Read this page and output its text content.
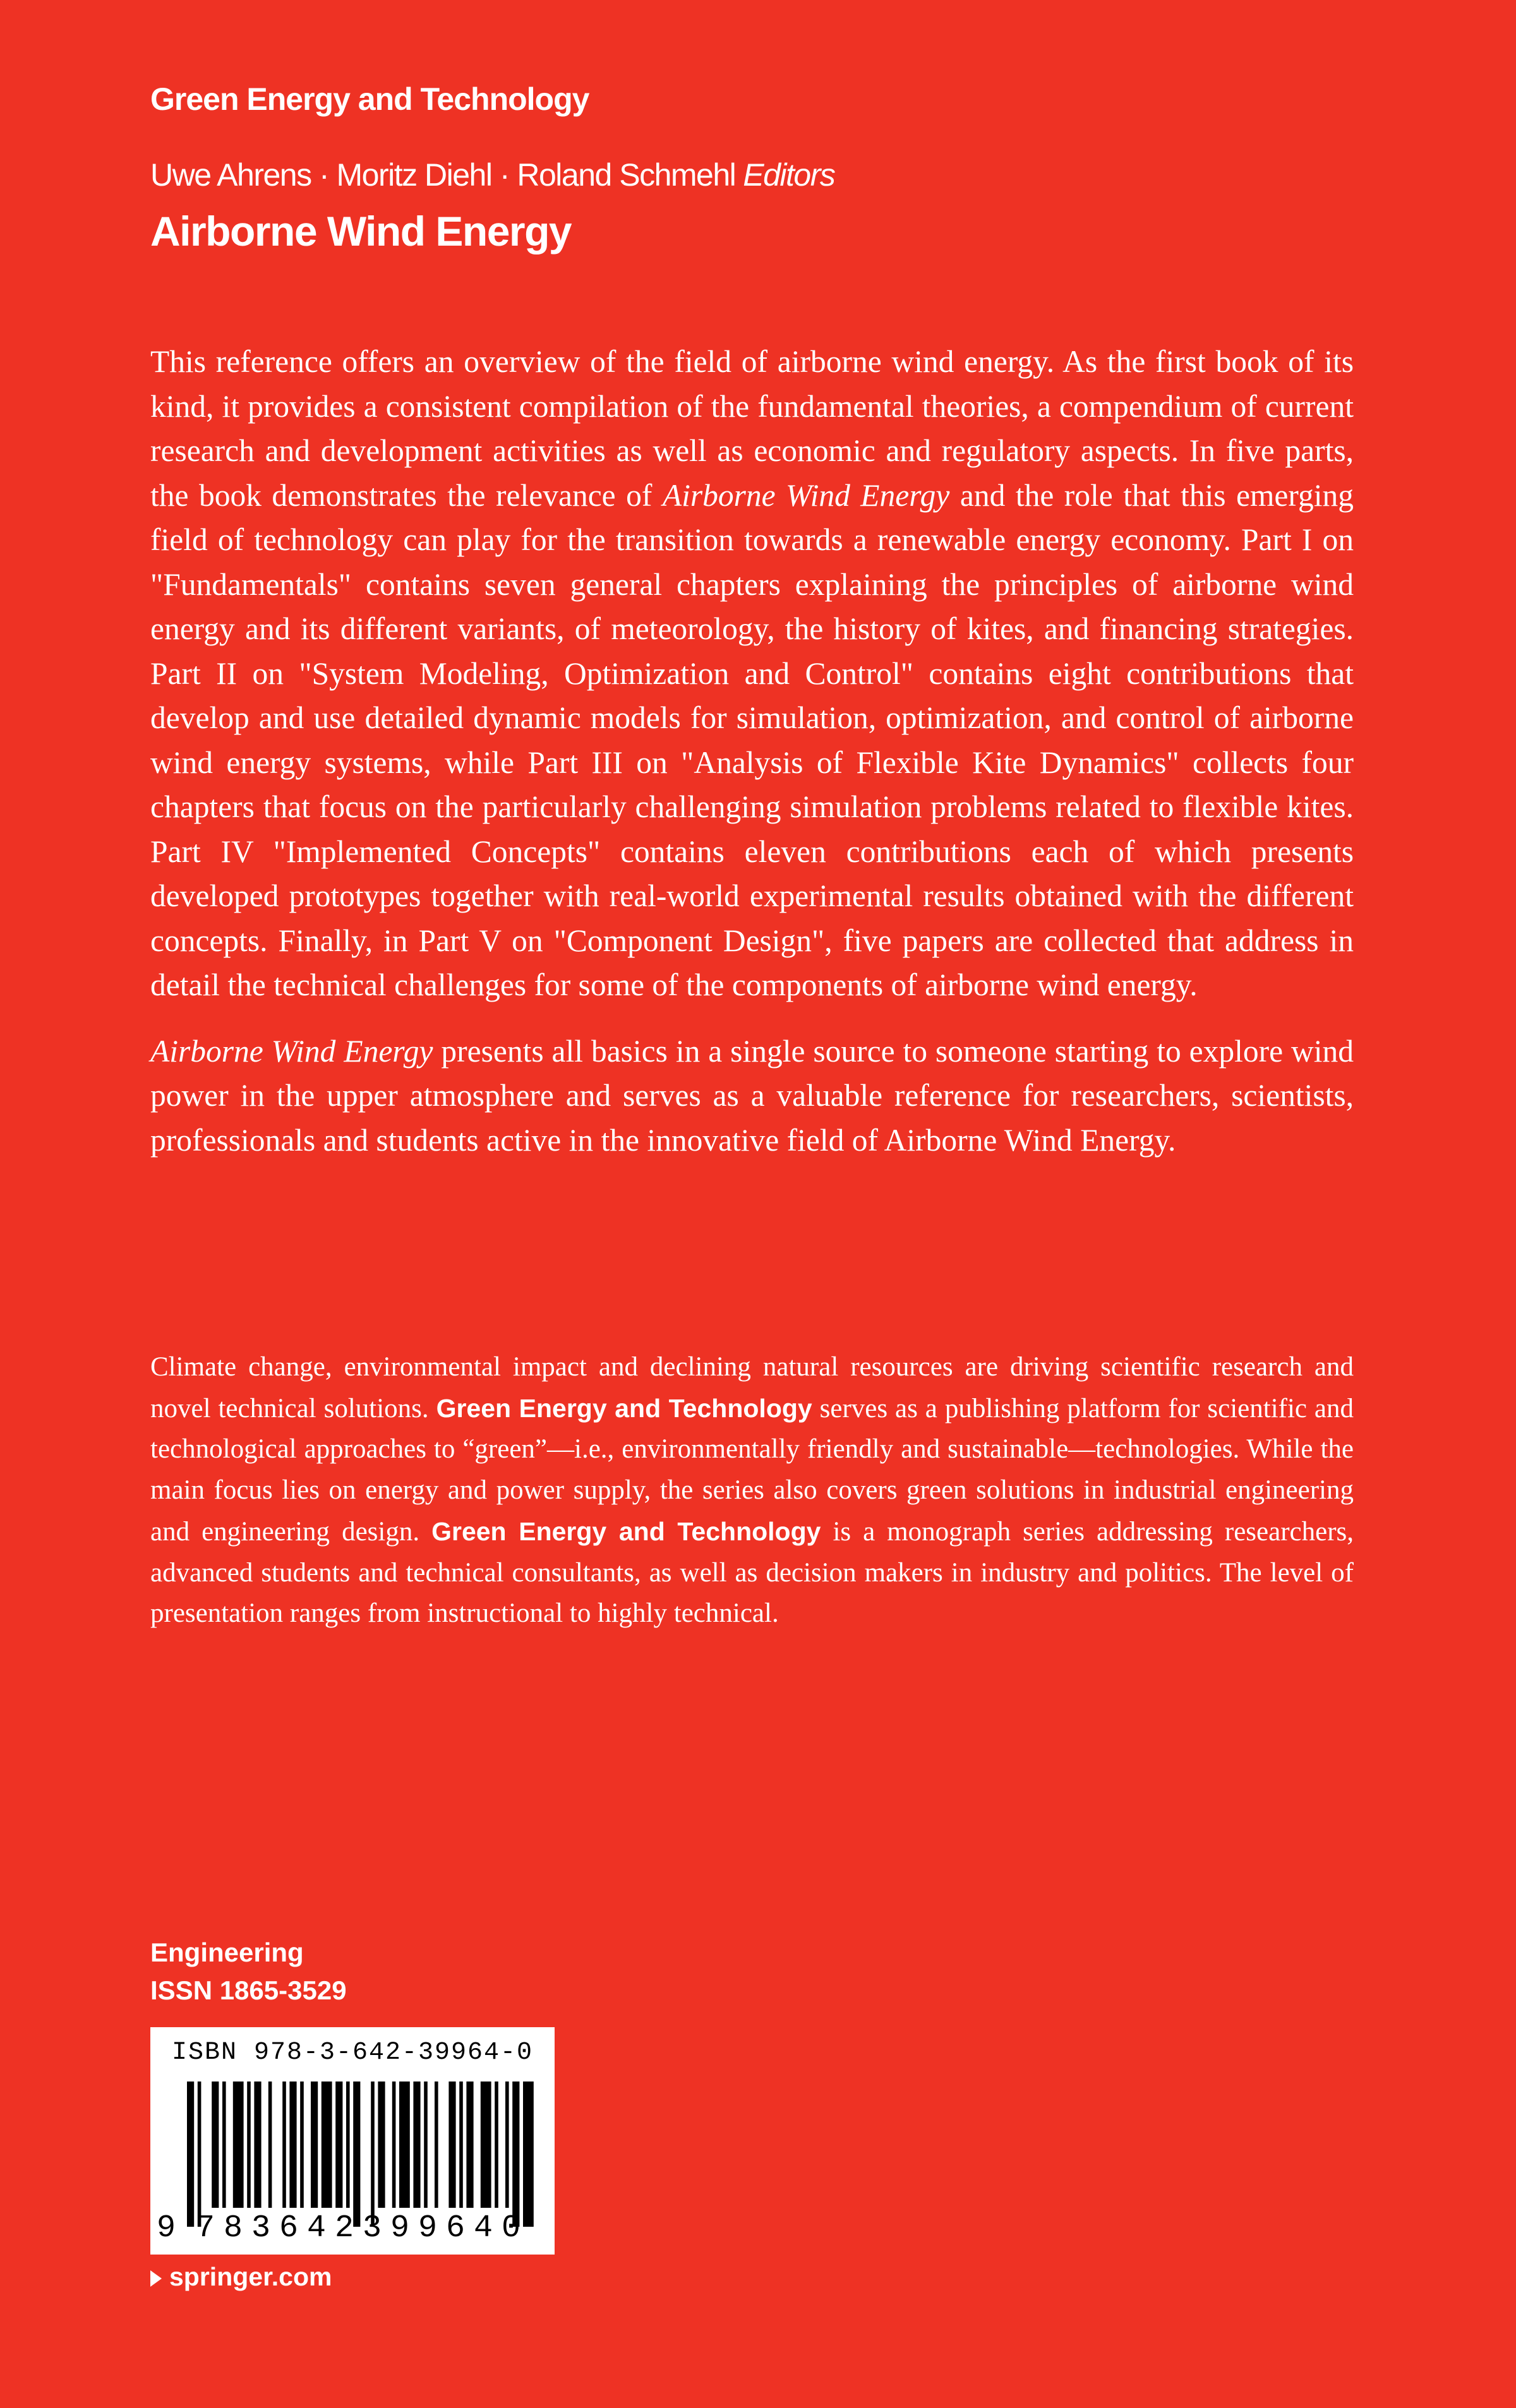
Green Energy and Technology
Uwe Ahrens · Moritz Diehl · Roland Schmehl Editors
Airborne Wind Energy

This reference offers an overview of the field of airborne wind energy. As the first book of its kind, it provides a consistent compilation of the fundamental theories, a compendium of current research and development activities as well as economic and regulatory aspects. In five parts, the book demonstrates the relevance of Airborne Wind Energy and the role that this emerging field of technology can play for the transition towards a renewable energy economy. Part I on "Fundamentals" contains seven general chapters explaining the principles of airborne wind energy and its different variants, of meteorology, the history of kites, and financing strategies. Part II on "System Modeling, Optimization and Control" contains eight contributions that develop and use detailed dynamic models for simulation, optimization, and control of airborne wind energy systems, while Part III on "Analysis of Flexible Kite Dynamics" collects four chapters that focus on the particularly challenging simulation problems related to flexible kites. Part IV "Implemented Concepts" contains eleven contributions each of which presents developed prototypes together with real-world experimental results obtained with the different concepts. Finally, in Part V on "Component Design", five papers are collected that address in detail the technical challenges for some of the components of airborne wind energy.

Airborne Wind Energy presents all basics in a single source to someone starting to explore wind power in the upper atmosphere and serves as a valuable reference for researchers, scientists, professionals and students active in the innovative field of Airborne Wind Energy.

Climate change, environmental impact and declining natural resources are driving scientific research and novel technical solutions. Green Energy and Technology serves as a publishing platform for scientific and technological approaches to “green”—i.e., environmentally friendly and sustainable—technologies. While the main focus lies on energy and power supply, the series also covers green solutions in industrial engineering and engineering design. Green Energy and Technology is a monograph series addressing researchers, advanced students and technical consultants, as well as decision makers in industry and politics. The level of presentation ranges from instructional to highly technical.
Engineering
ISSN 1865-3529
ISBN 978-3-642-39964-0
9 783642399640
springer.com
